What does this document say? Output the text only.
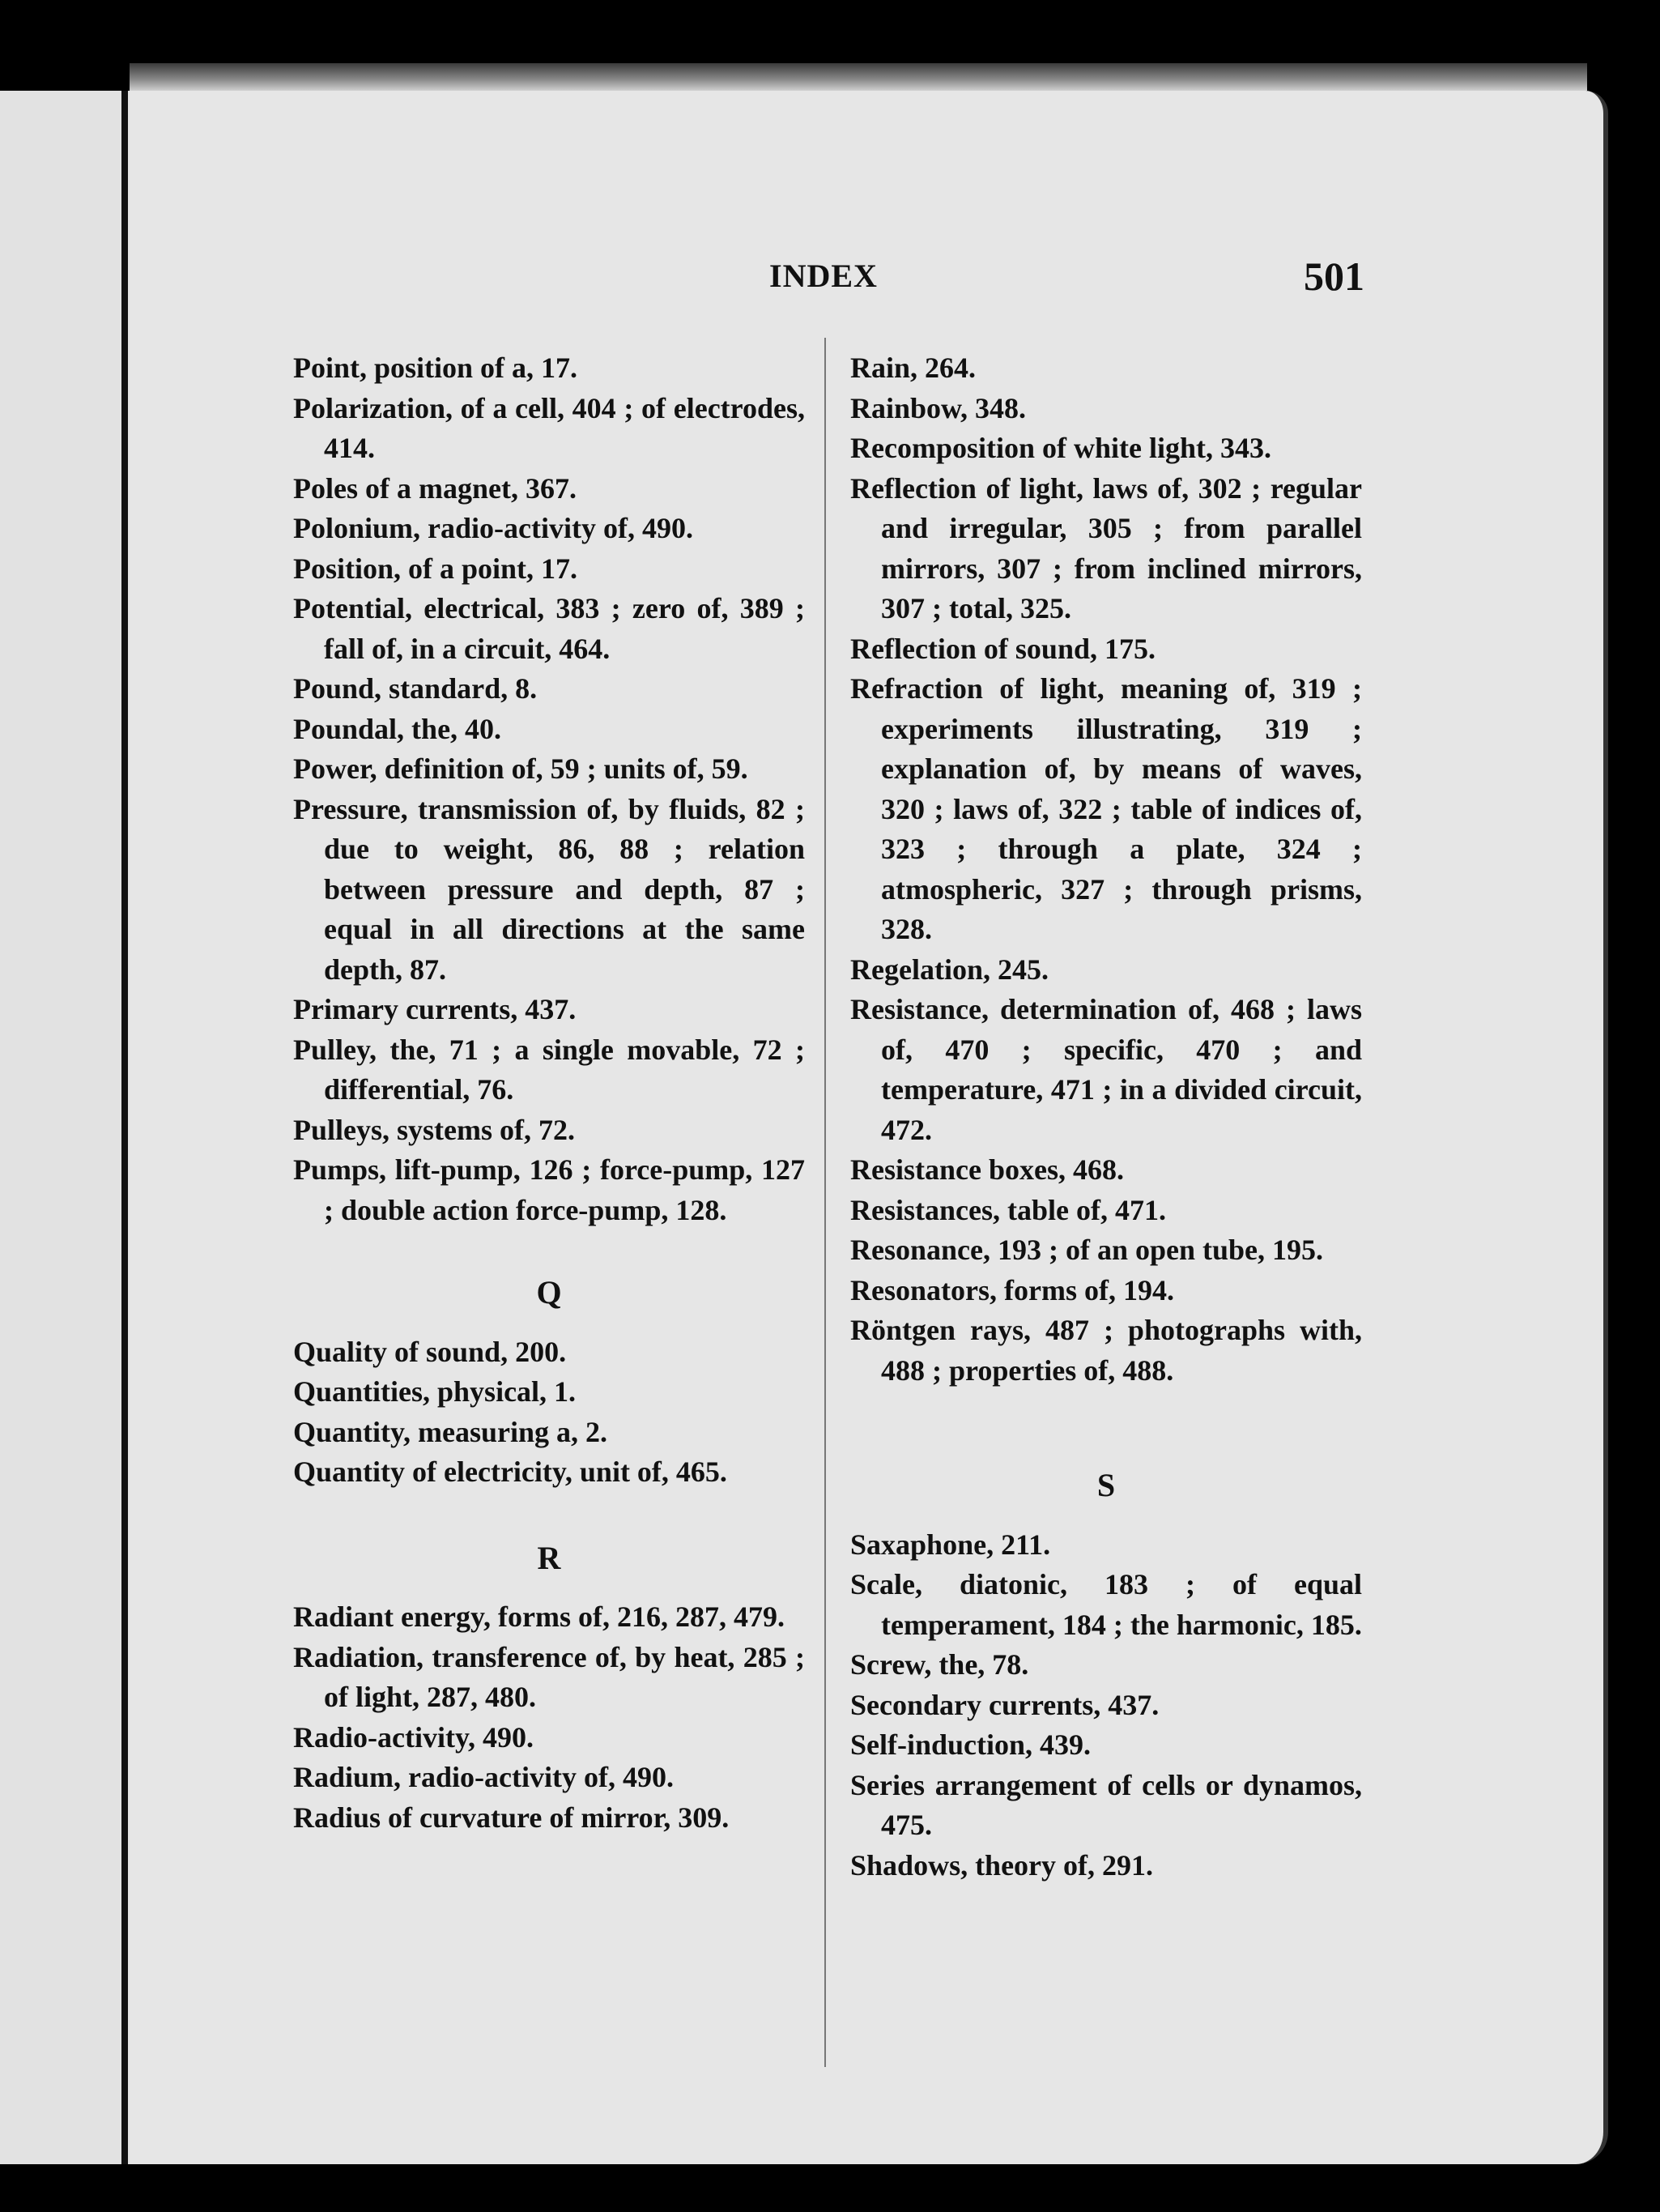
INDEX	501

Point, position of a, 17.

Polarization, of a cell, 404 ; of electrodes, 414.

Poles of a magnet, 367.

Polonium, radio-activity of, 490.

Position, of a point, 17.

Potential, electrical, 383 ; zero of, 389 ; fall of, in a circuit, 464.

Pound, standard, 8.

Poundal, the, 40.

Power, definition of, 59 ; units of, 59.

Pressure, transmission of, by fluids, 82 ; due to weight, 86, 88 ; relation between pressure and depth, 87 ; equal in all directions at the same depth, 87.

Primary currents, 437.

Pulley, the, 71 ; a single movable, 72 ; differential, 76.

Pulleys, systems of, 72.

Pumps, lift-pump, 126 ; force-pump, 127 ; double action force-pump, 128.

Q

Quality of sound, 200.

Quantities, physical, 1.

Quantity, measuring a, 2.

Quantity of electricity, unit of, 465.

R

Radiant energy, forms of, 216, 287, 479.

Radiation, transference of, by heat, 285 ; of light, 287, 480.

Radio-activity, 490.

Radium, radio-activity of, 490.

Radius of curvature of mirror, 309.

Rain, 264.

Rainbow, 348.

Recomposition of white light, 343.

Reflection of light, laws of, 302 ; regular and irregular, 305 ; from parallel mirrors, 307 ; from inclined mirrors, 307 ; total, 325.

Reflection of sound, 175.

Refraction of light, meaning of, 319 ; experiments illustrating, 319 ; explanation of, by means of waves, 320 ; laws of, 322 ; table of indices of, 323 ; through a plate, 324 ; atmospheric, 327 ; through prisms, 328.

Regelation, 245.

Resistance, determination of, 468 ; laws of, 470 ; specific, 470 ; and temperature, 471 ; in a divided circuit, 472.

Resistance boxes, 468.

Resistances, table of, 471.

Resonance, 193 ; of an open tube, 195.

Resonators, forms of, 194.

Röntgen rays, 487 ; photographs with, 488 ; properties of, 488.

S

Saxaphone, 211.

Scale, diatonic, 183 ; of equal temperament, 184 ; the harmonic, 185.

Screw, the, 78.

Secondary currents, 437.

Self-induction, 439.

Series arrangement of cells or dynamos, 475.

Shadows, theory of, 291.
